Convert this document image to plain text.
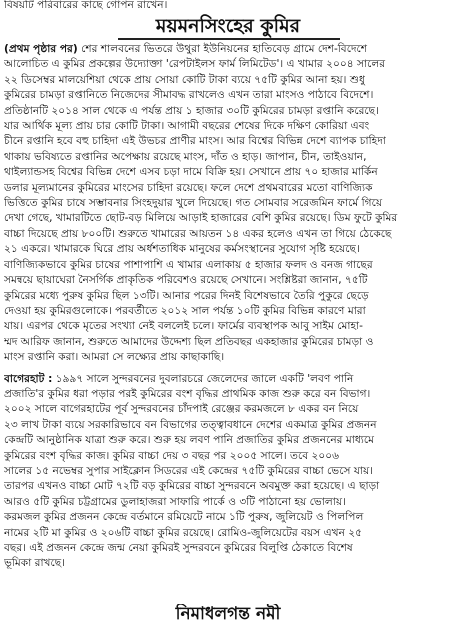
বিষয়টি পরিবারের কাছে গোপন রাখেন।
ময়মনসিংহের কুমির
(প্রথম পৃষ্ঠার পর) শের শালবনের ভিতরে উথুরা ইউনিয়নের হাতিবেড় গ্রামে দেশ-বিদেশে
আলোচিত এ কুমির প্রকল্পের উদ্যোক্তা 'রেপটাইলস ফার্ম লিমিটেড'। এ খামার ২০০৪ সালের
২২ ডিসেম্বর মালয়েশিয়া থেকে প্রায় সোয়া কোটি টাকা ব্যয়ে ৭৫টি কুমির আনা হয়। শুধু
কুমিরের চামড়া রপ্তানিতে নিজেদের সীমাবদ্ধ রাখলেও এখন তারা মাংসও পাঠাবে বিদেশে।
প্রতিষ্ঠানটি ২০১৪ সাল থেকে এ পর্যন্ত প্রায় ১ হাজার ৩০টি কুমিরের চামড়া রপ্তানি করেছে।
যার আর্থিক মূল্য প্রায় চার কোটি টাকা। আগামী বছরের শেষের দিকে দক্ষিণ কোরিয়া এবং
চীনে রপ্তানি হবে বহু চাহিদা এই উভচর প্রাণীর মাংস। আর বিশ্বের বিভিন্ন দেশে ব্যাপক চাহিদা
থাকায় ভবিষ্যতে রপ্তানির অপেক্ষায় রয়েছে মাংস, দাঁত ও হাড়। জাপান, চীন, তাইওয়ান,
থাইল্যান্ডসহ বিশ্বের বিভিন্ন দেশে এসব চড়া দামে বিক্রি হয়। সেখানে প্রায় ৭০ হাজার মার্কিন
ডলার মূল্যমানের কুমিরের মাংসের চাহিদা রয়েছে। ফলে দেশে প্রথমবারের মতো বাণিজ্যিক
ভিত্তিতে কুমির চাষে সম্ভাবনার সিংহদুয়ার খুলে দিয়েছে। গত সোমবার সরেজমিন ফার্মে গিয়ে
দেখা গেছে, খামারটিতে ছোট-বড় মিলিয়ে আড়াই হাজারের বেশি কুমির রয়েছে। ডিম ফুটে কুমির
বাচ্চা দিয়েছে প্রায় ৮০০টি। শুরুতে খামারের আয়তন ১৪ একর হলেও এখন তা গিয়ে ঠেকেছে
২১ একরে। খামারকে ঘিরে প্রায় অর্ধশতাধিক মানুষের কর্মসংস্থানের সুযোগ সৃষ্টি হয়েছে।
বাণিজ্যিকভাবে কুমির চাষের পাশাপাশি এ খামার এলাকায় ৫ হাজার ফলদ ও বনজ গাছের
সমন্বয়ে ছায়াঘেরা নৈসর্গিক প্রাকৃতিক পরিবেশও রয়েছে সেখানে। সংশ্লিষ্টরা জানান, ৭৫টি
কুমিরের মধ্যে পুরুষ কুমির ছিল ১৩টি। আনার পরের দিনই বিশেষভাবে তৈরি পুকুরে ছেড়ে
দেওয়া হয় কুমিরগুলোকে। পরবর্তীতে ২০১২ সাল পর্যন্ত ১০টি কুমির বিভিন্ন কারণে মারা
যায়। এরপর থেকে মৃতের সংখ্যা নেই বললেই চলে। ফার্মের ব্যবস্থাপক আবু সাইম মোহা-
ম্মদ আরিফ জানান, শুরুতে আমাদের উদ্দেশ্য ছিল প্রতিবছর একহাজার কুমিরের চামড়া ও
মাংস রপ্তানি করা। আমরা সে লক্ষ্যের প্রায় কাছাকাছি।
বাগেরহাট : ১৯৯৭ সালে সুন্দরবনের দুবলারচরে জেলেদের জালে একটি 'লবণ পানি
প্রজাতি'র কুমির ধরা পড়ার পরই কুমিরের বংশ বৃদ্ধির প্রাথমিক কাজ শুরু করে বন বিভাগ।
২০০২ সালে বাগেরহাটের পূর্ব সুন্দরবনের চাঁদপাই রেঞ্জের করমজলে ৮ একর বন নিয়ে
২৩ লাখ টাকা ব্যয়ে সরকারিভাবে বন বিভাগের তত্ত্বাবধানে দেশের একমাত্র কুমির প্রজনন
কেন্দ্রটি আনুষ্ঠানিক যাত্রা শুরু করে। শুরু হয় লবণ পানি প্রজাতির কুমির প্রজননের মাধ্যমে
কুমিরের বংশ বৃদ্ধির কাজ। কুমির বাচ্চা দেয় ৩ বছর পর ২০০৫ সালে। তবে ২০০৬
সালের ১৫ নভেম্বর সুপার সাইক্লোন সিডরের এই কেন্দ্রের ৭৫টি কুমিরের বাচ্চা ভেসে যায়।
তারপর এখনও বাচ্চা মোট ৭২টি বড় কুমিরের বাচ্চা সুন্দরবনে অবমুক্ত করা হয়েছে। এ ছাড়া
আরও ৫টি কুমির চট্টগ্রামের ডুলাহাজরা সাফারি পার্কে ও ৩টি পাঠানো হয় ভোলায়।
করমজল কুমির প্রজনন কেন্দ্রে বর্তমানে রমিয়েটে নামে ১টি পুরুষ, জুলিয়েট ও পিলপিল
নামের ২টি মা কুমির ও ২০৬টি বাচ্চা কুমির রয়েছে। রোমিও-জুলিয়েটের বয়স এখন ২৫
বছর। এই প্রজনন কেন্দ্রে জন্ম নেয়া কুমিরই সুন্দরবনে কুমিরের বিলুপ্তি ঠেকাতে বিশেষ
ভূমিকা রাখছে।
নিমাধলগন্ত নমী
